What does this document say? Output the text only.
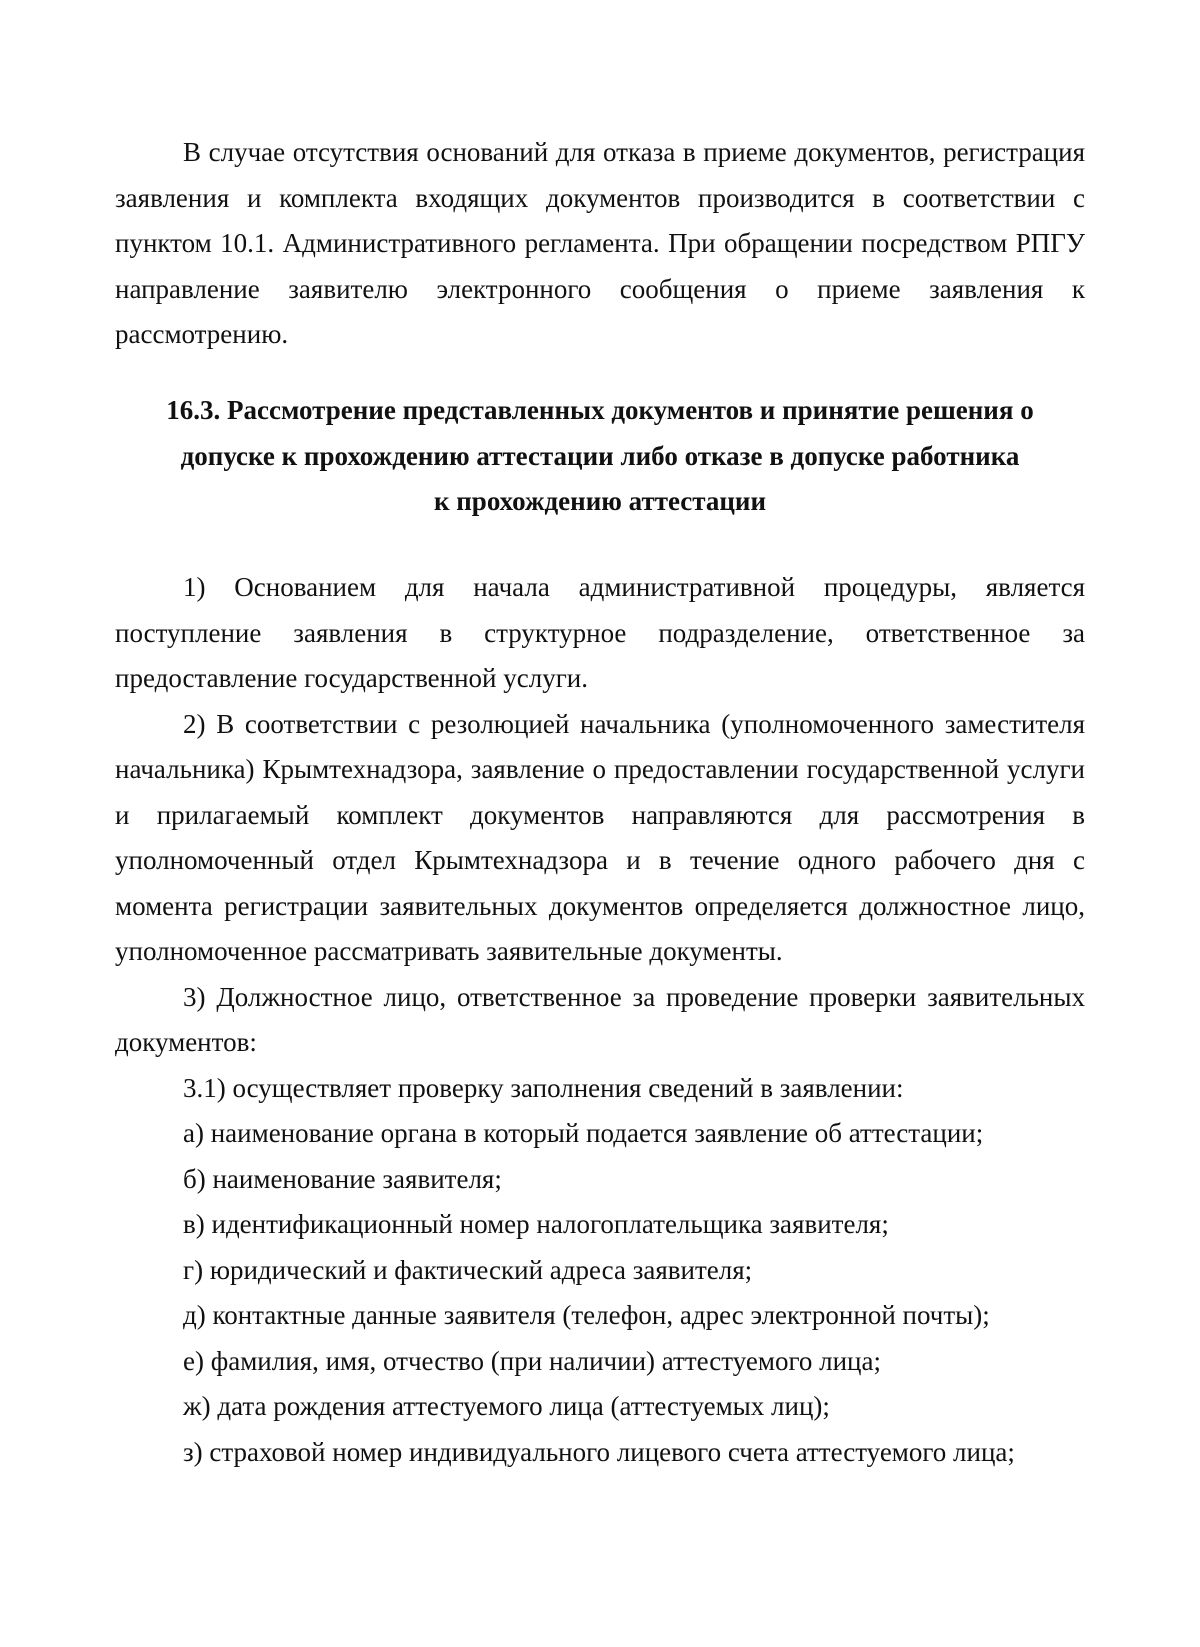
В случае отсутствия оснований для отказа в приеме документов, регистрация заявления и комплекта входящих документов производится в соответствии с пунктом 10.1. Административного регламента. При обращении посредством РПГУ направление заявителю электронного сообщения о приеме заявления к рассмотрению.

16.3. Рассмотрение представленных документов и принятие решения о

допуске к прохождению аттестации либо отказе в допуске работника

к прохождению аттестации

1) Основанием для начала административной процедуры, является поступление заявления в структурное подразделение, ответственное за предоставление государственной услуги.

2) В соответствии с резолюцией начальника (уполномоченного заместителя начальника) Крымтехнадзора, заявление о предоставлении государственной услуги и прилагаемый комплект документов направляются для рассмотрения в уполномоченный отдел Крымтехнадзора и в течение одного рабочего дня с момента регистрации заявительных документов определяется должностное лицо, уполномоченное рассматривать заявительные документы.

3) Должностное лицо, ответственное за проведение проверки заявительных документов:

3.1) осуществляет проверку заполнения сведений в заявлении:

а) наименование органа в который подается заявление об аттестации;

б) наименование заявителя;

в) идентификационный номер налогоплательщика заявителя;

г) юридический и фактический адреса заявителя;

д) контактные данные заявителя (телефон, адрес электронной почты);

е) фамилия, имя, отчество (при наличии) аттестуемого лица;

ж) дата рождения аттестуемого лица (аттестуемых лиц);

з) страховой номер индивидуального лицевого счета аттестуемого лица;
